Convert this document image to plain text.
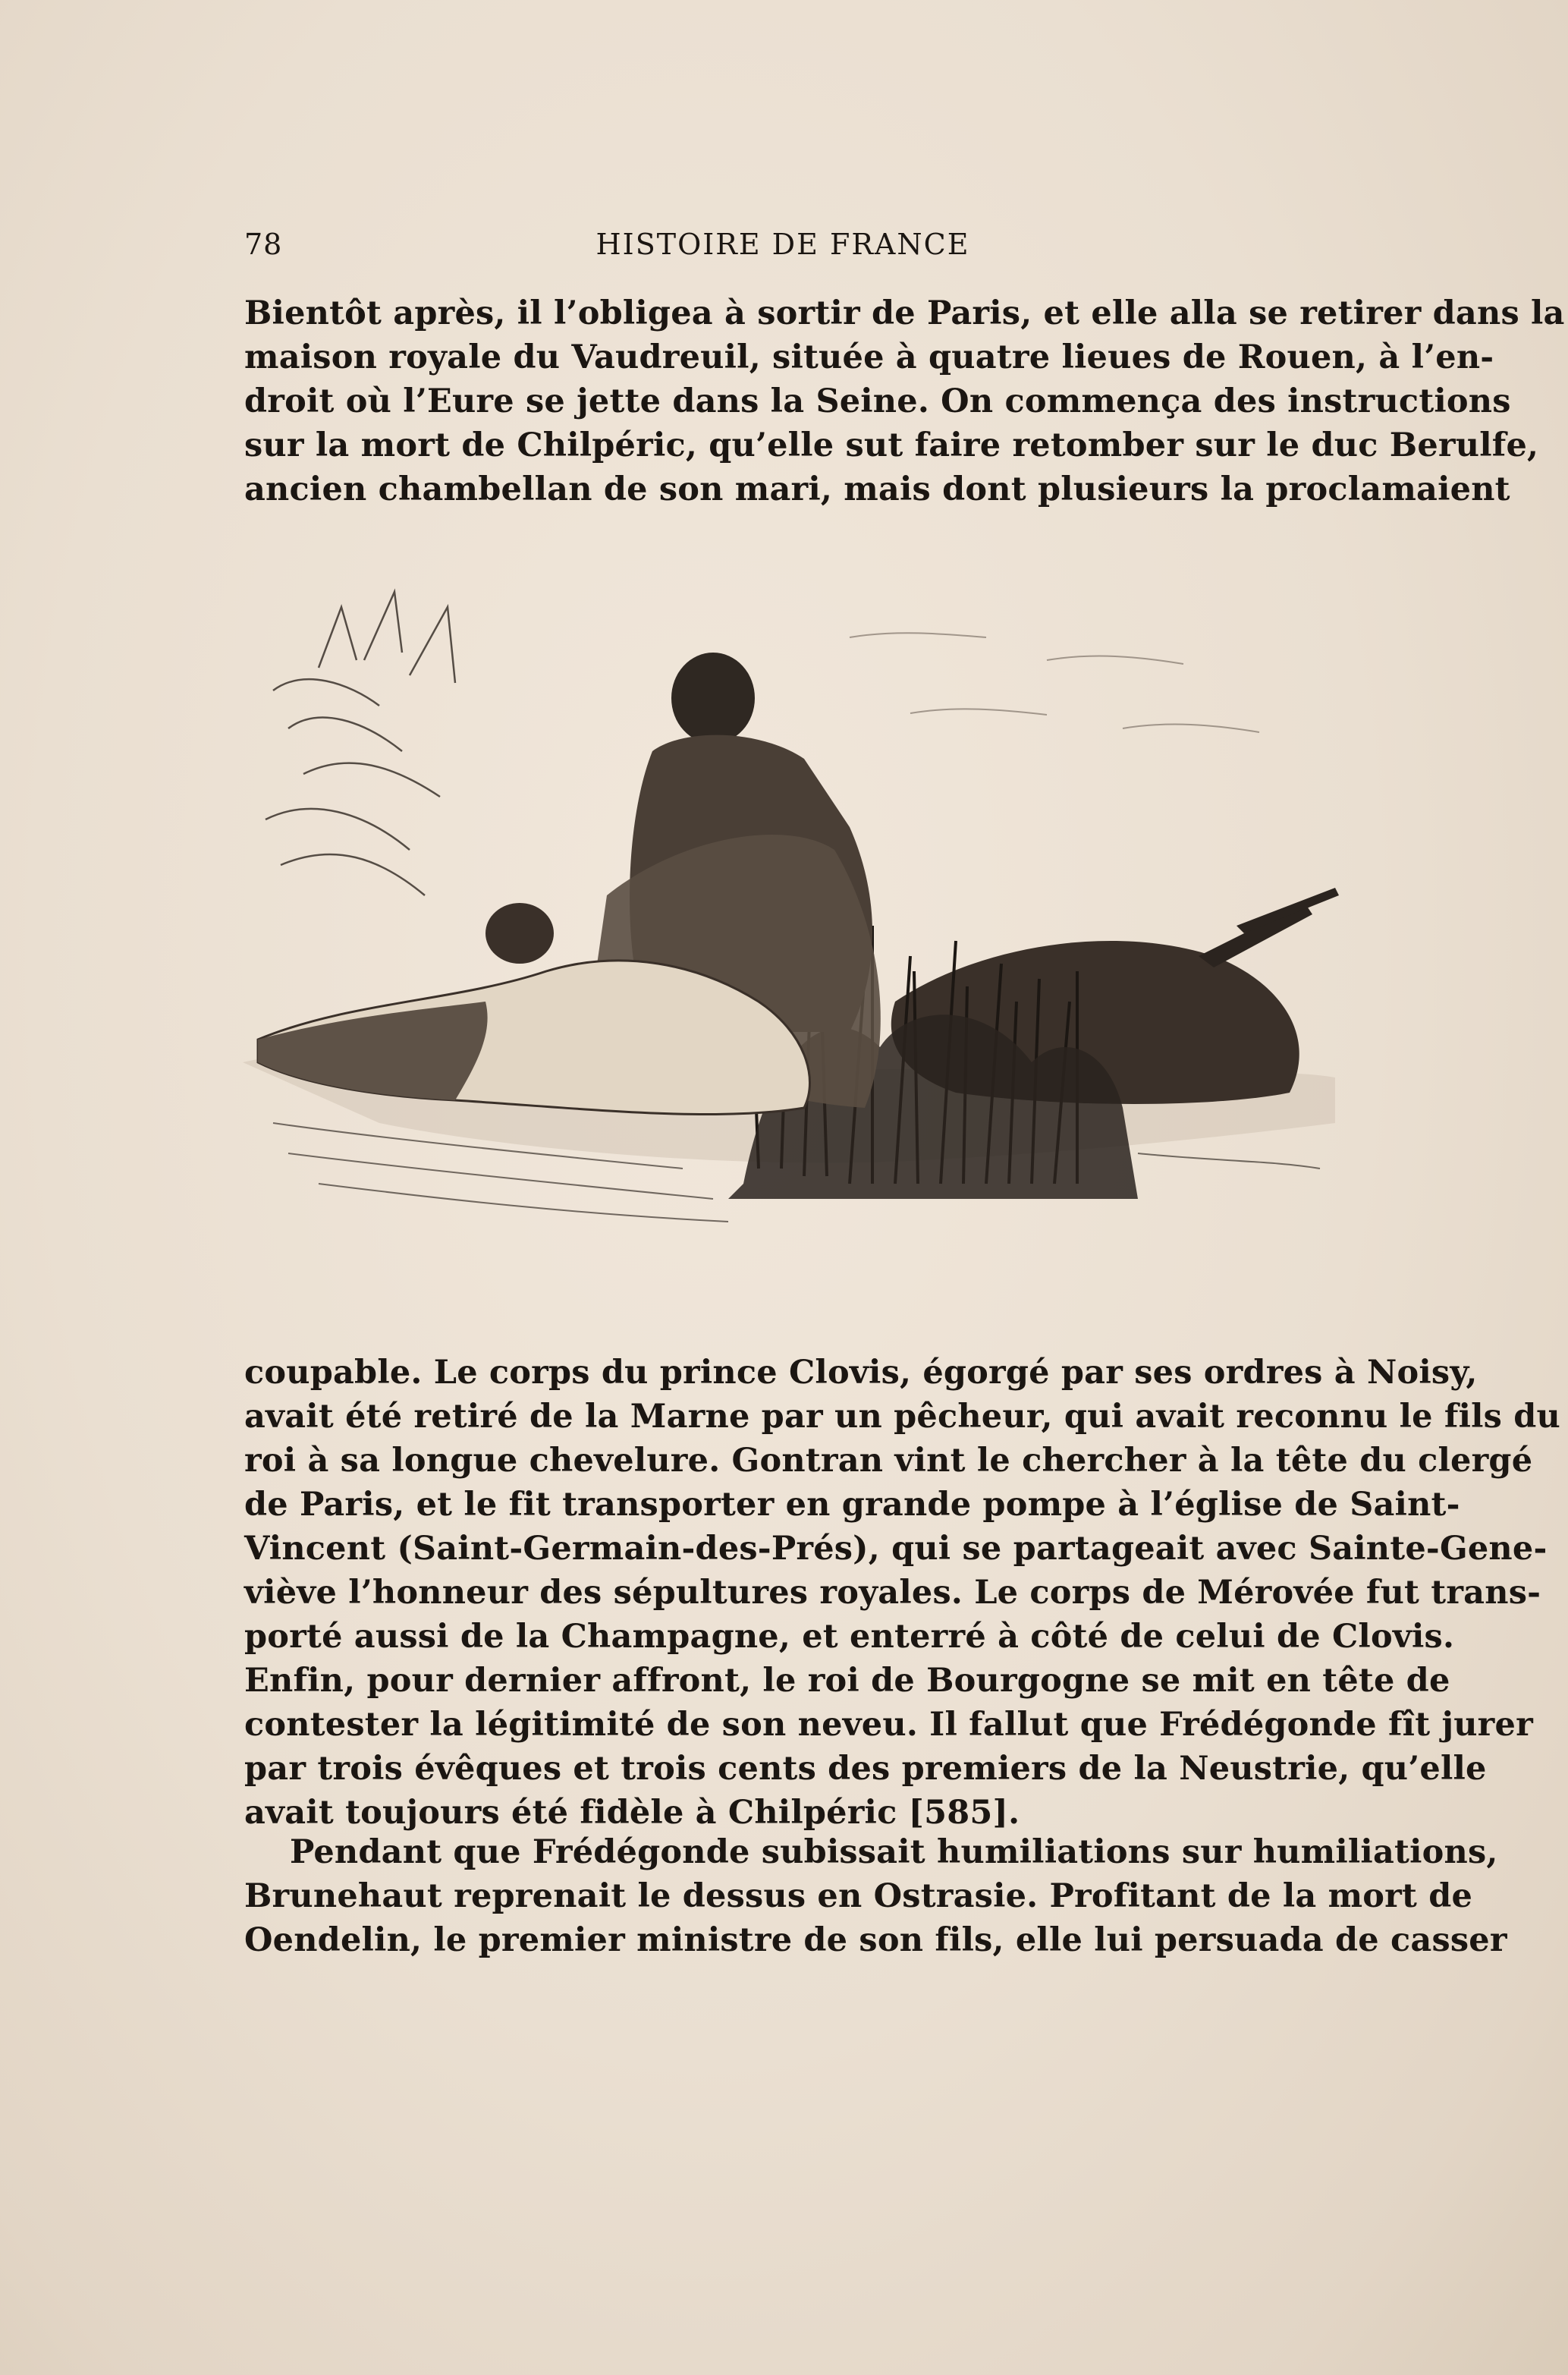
78	HISTOIRE DE FRANCE
Bientôt après, il l’obligea à sortir de Paris, et elle alla se retirer dans la
maison royale du Vaudreuil, située à quatre lieues de Rouen, à l’en-
droit où l’Eure se jette dans la Seine. On commença des instructions
sur la mort de Chilpéric, qu’elle sut faire retomber sur le duc Berulfe,
ancien chambellan de son mari, mais dont plusieurs la proclamaient
coupable. Le corps du prince Clovis, égorgé par ses ordres à Noisy,
avait été retiré de la Marne par un pêcheur, qui avait reconnu le fils du
roi à sa longue chevelure. Gontran vint le chercher à la tête du clergé
de Paris, et le fit transporter en grande pompe à l’église de Saint-
Vincent (Saint-Germain-des-Prés), qui se partageait avec Sainte-Gene-
viève l’honneur des sépultures royales. Le corps de Mérovée fut trans-
porté aussi de la Champagne, et enterré à côté de celui de Clovis.
Enfin, pour dernier affront, le roi de Bourgogne se mit en tête de
contester la légitimité de son neveu. Il fallut que Frédégonde fît jurer
par trois évêques et trois cents des premiers de la Neustrie, qu’elle
avait toujours été fidèle à Chilpéric [585].
Pendant que Frédégonde subissait humiliations sur humiliations,
Brunehaut reprenait le dessus en Ostrasie. Profitant de la mort de
Oendelin, le premier ministre de son fils, elle lui persuada de casser
